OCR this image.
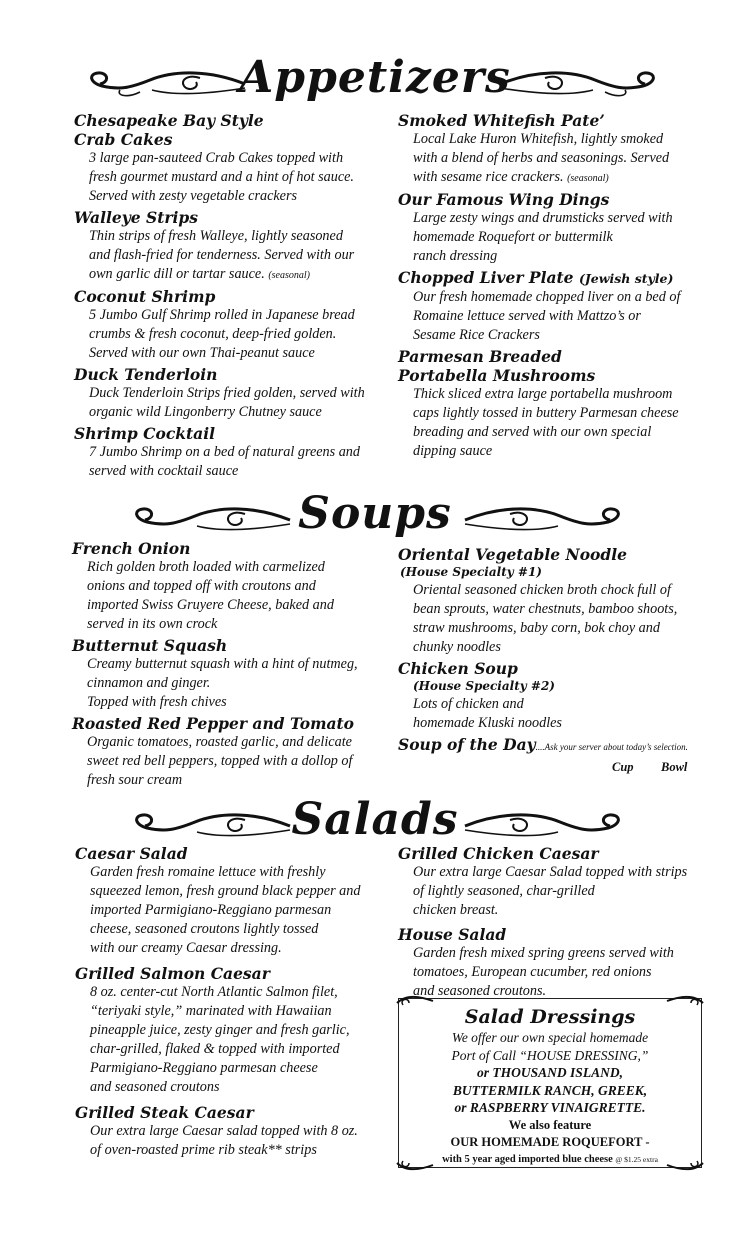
Appetizers
Soups
Salads
Chesapeake Bay Style
Crab Cakes

3 large pan-sauteed Crab Cakes topped with
fresh gourmet mustard and a hint of hot sauce.
Served with zesty vegetable crackers

Walleye Strips

Thin strips of fresh Walleye, lightly seasoned
and flash-fried for tenderness. Served with our
own garlic dill or tartar sauce. (seasonal)

Coconut Shrimp

5 Jumbo Gulf Shrimp rolled in Japanese bread
crumbs & fresh coconut, deep-fried golden.
Served with our own Thai-peanut sauce

Duck Tenderloin

Duck Tenderloin Strips fried golden, served with
organic wild Lingonberry Chutney sauce

Shrimp Cocktail

7 Jumbo Shrimp on a bed of natural greens and
served with cocktail sauce

Smoked Whitefish Pate’

Local Lake Huron Whitefish, lightly smoked
with a blend of herbs and seasonings. Served
with sesame rice crackers. (seasonal)

Our Famous Wing Dings

Large zesty wings and drumsticks served with
homemade Roquefort or buttermilk
ranch dressing

Chopped Liver Plate (Jewish style)

Our fresh homemade chopped liver on a bed of
Romaine lettuce served with Mattzo’s or
Sesame Rice Crackers

Parmesan Breaded
Portabella Mushrooms

Thick sliced extra large portabella mushroom
caps lightly tossed in buttery Parmesan cheese
breading and served with our own special
dipping sauce

French Onion

Rich golden broth loaded with carmelized
onions and topped off with croutons and
imported Swiss Gruyere Cheese, baked and
served in its own crock

Butternut Squash

Creamy butternut squash with a hint of nutmeg,
cinnamon and ginger.
Topped with fresh chives

Roasted Red Pepper and Tomato

Organic tomatoes, roasted garlic, and delicate
sweet red bell peppers, topped with a dollop of
fresh sour cream

Oriental Vegetable Noodle
(House Specialty #1)

Oriental seasoned chicken broth chock full of
bean sprouts, water chestnuts, bamboo shoots,
straw mushrooms, baby corn, bok choy and
chunky noodles

Chicken Soup
(House Specialty #2)

Lots of chicken and
homemade Kluski noodles

Soup of the Day....Ask your server about today’s selection.
Cup Bowl
Caesar Salad

Garden fresh romaine lettuce with freshly
squeezed lemon, fresh ground black pepper and
imported Parmigiano-Reggiano parmesan
cheese, seasoned croutons lightly tossed
with our creamy Caesar dressing.

Grilled Salmon Caesar

8 oz. center-cut North Atlantic Salmon filet,
“teriyaki style,” marinated with Hawaiian
pineapple juice, zesty ginger and fresh garlic,
char-grilled, flaked & topped with imported
Parmigiano-Reggiano parmesan cheese
and seasoned croutons

Grilled Steak Caesar

Our extra large Caesar salad topped with 8 oz.
of oven-roasted prime rib steak** strips

Grilled Chicken Caesar

Our extra large Caesar Salad topped with strips
of lightly seasoned, char-grilled
chicken breast.

House Salad

Garden fresh mixed spring greens served with
tomatoes, European cucumber, red onions
and seasoned croutons.

Salad Dressings
We offer our own special homemade
Port of Call “HOUSE DRESSING,”
or THOUSAND ISLAND,
BUTTERMILK RANCH, GREEK,
or RASPBERRY VINAIGRETTE.
We also feature
OUR HOMEMADE ROQUEFORT -
with 5 year aged imported blue cheese @ $1.25 extra
